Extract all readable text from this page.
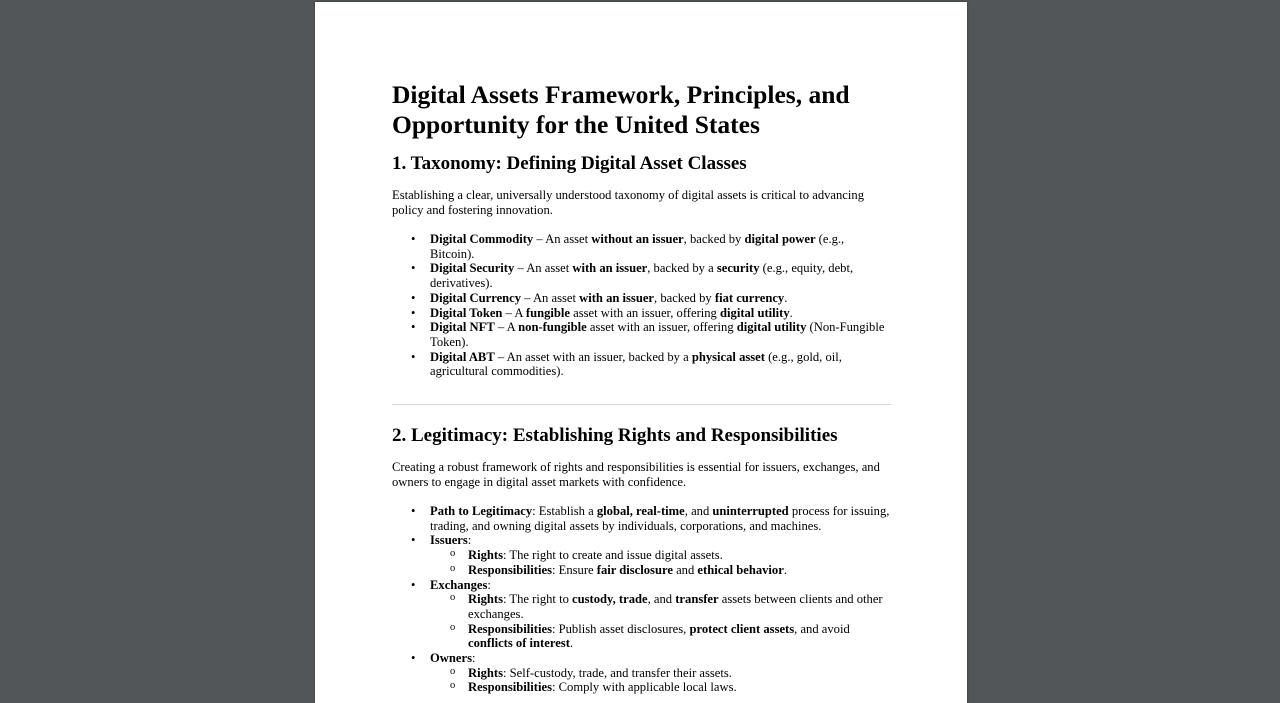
Digital Assets Framework, Principles, and Opportunity for the United States
1. Taxonomy: Defining Digital Asset Classes

Establishing a clear, universally understood taxonomy of digital assets is critical to advancing policy and fostering innovation.

• Digital Commodity – An asset without an issuer, backed by digital power (e.g., Bitcoin).
• Digital Security – An asset with an issuer, backed by a security (e.g., equity, debt, derivatives).
• Digital Currency – An asset with an issuer, backed by fiat currency.
• Digital Token – A fungible asset with an issuer, offering digital utility.
• Digital NFT – A non-fungible asset with an issuer, offering digital utility (Non-Fungible Token).
• Digital ABT – An asset with an issuer, backed by a physical asset (e.g., gold, oil, agricultural commodities).
2. Legitimacy: Establishing Rights and Responsibilities

Creating a robust framework of rights and responsibilities is essential for issuers, exchanges, and owners to engage in digital asset markets with confidence.

• Path to Legitimacy: Establish a global, real-time, and uninterrupted process for issuing, trading, and owning digital assets by individuals, corporations, and machines.
• Issuers:
o Rights: The right to create and issue digital assets.
o Responsibilities: Ensure fair disclosure and ethical behavior.
• Exchanges:
o Rights: The right to custody, trade, and transfer assets between clients and other exchanges.
o Responsibilities: Publish asset disclosures, protect client assets, and avoid conflicts of interest.
• Owners:
o Rights: Self-custody, trade, and transfer their assets.
o Responsibilities: Comply with applicable local laws.
